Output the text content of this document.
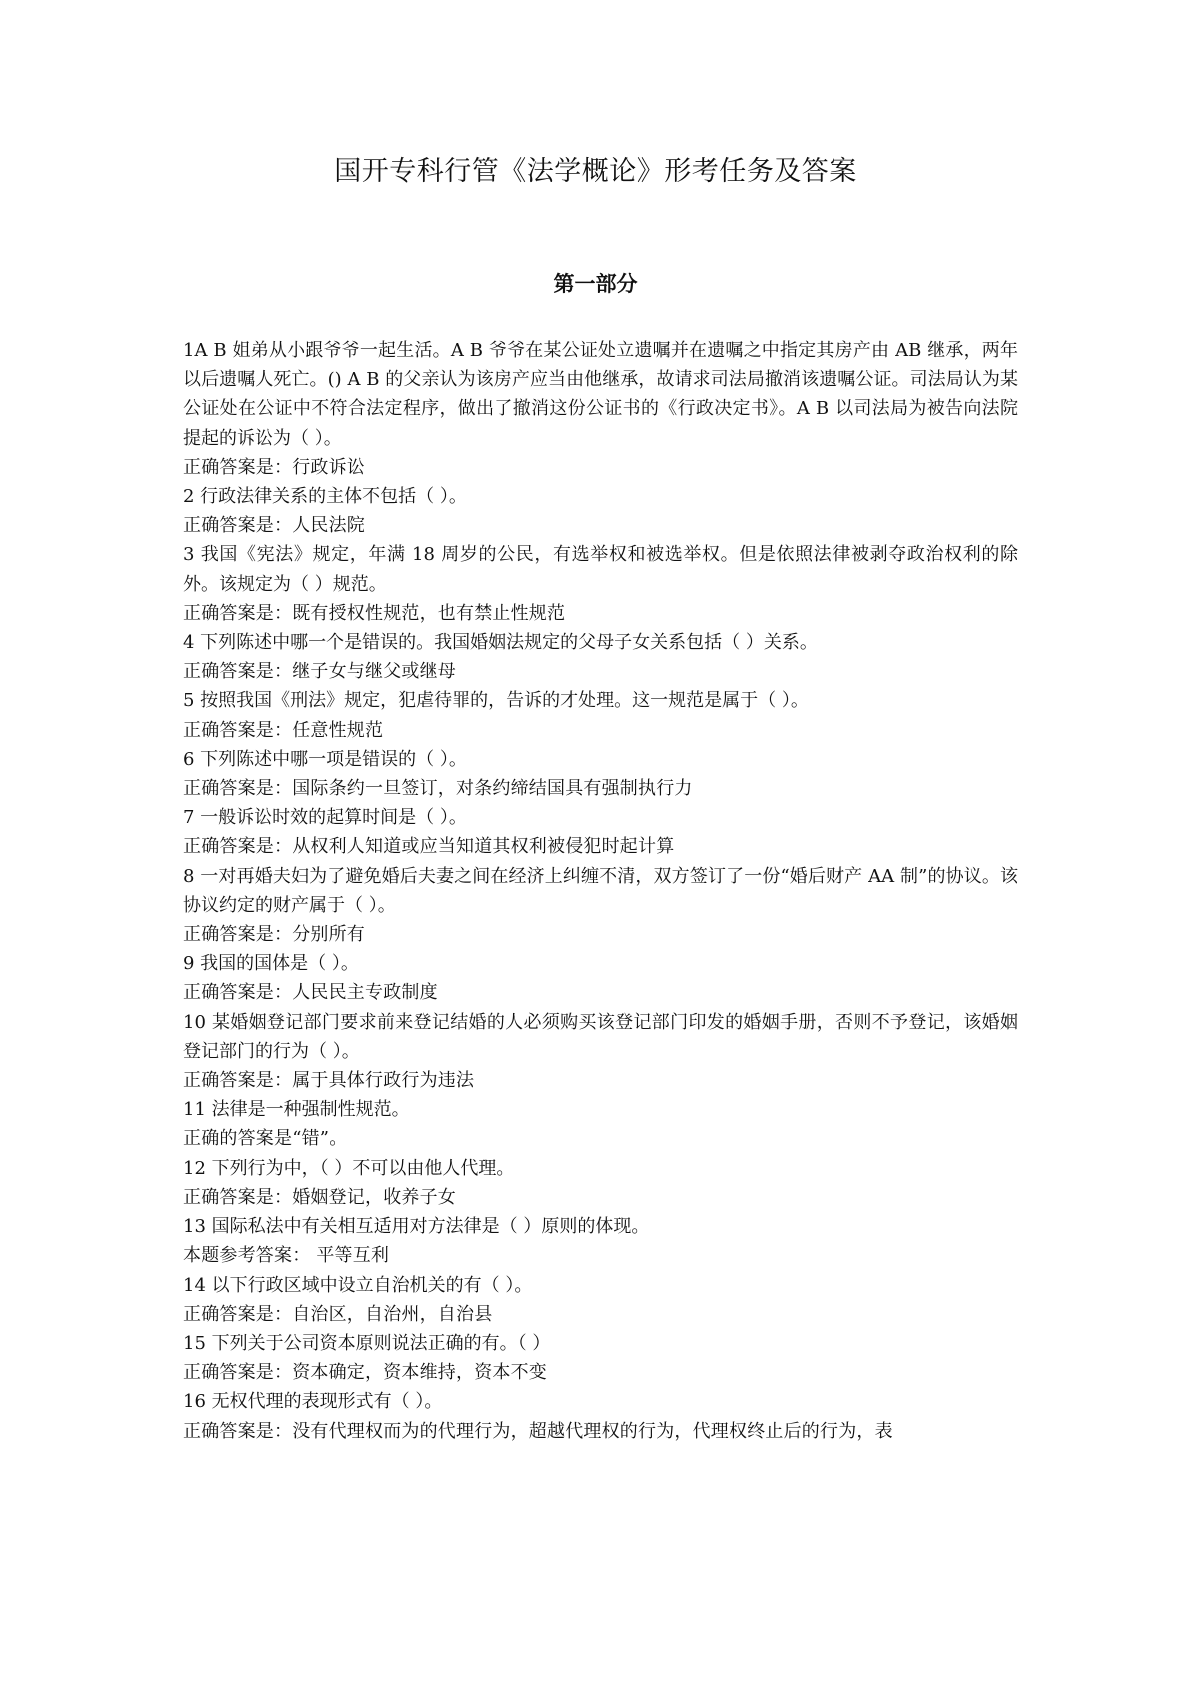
国开专科行管《法学概论》形考任务及答案
第一部分

1A B 姐弟从小跟爷爷一起生活。A B 爷爷在某公证处立遗嘱并在遗嘱之中指定其房产由 AB 继承，两年以后遗嘱人死亡。() A B 的父亲认为该房产应当由他继承，故请求司法局撤消该遗嘱公证。司法局认为某公证处在公证中不符合法定程序，做出了撤消这份公证书的《行政决定书》。A B 以司法局为被告向法院提起的诉讼为（ ）。

正确答案是：行政诉讼

2 行政法律关系的主体不包括（ ）。

正确答案是：人民法院

3 我国《宪法》规定，年满 18 周岁的公民，有选举权和被选举权。但是依照法律被剥夺政治权利的除外。该规定为（ ）规范。

正确答案是：既有授权性规范，也有禁止性规范

4 下列陈述中哪一个是错误的。我国婚姻法规定的父母子女关系包括（ ）关系。

正确答案是：继子女与继父或继母

5 按照我国《刑法》规定，犯虐待罪的，告诉的才处理。这一规范是属于（ ）。

正确答案是：任意性规范

6 下列陈述中哪一项是错误的（ ）。

正确答案是：国际条约一旦签订，对条约缔结国具有强制执行力

7 一般诉讼时效的起算时间是（ ）。

正确答案是：从权利人知道或应当知道其权利被侵犯时起计算

8 一对再婚夫妇为了避免婚后夫妻之间在经济上纠缠不清，双方签订了一份“婚后财产 AA 制”的协议。该协议约定的财产属于（ ）。

正确答案是：分别所有

9 我国的国体是（ ）。

正确答案是：人民民主专政制度

10 某婚姻登记部门要求前来登记结婚的人必须购买该登记部门印发的婚姻手册，否则不予登记，该婚姻登记部门的行为（ ）。

正确答案是：属于具体行政行为违法

11 法律是一种强制性规范。

正确的答案是“错”。

12 下列行为中，（ ）不可以由他人代理。

正确答案是：婚姻登记，收养子女

13 国际私法中有关相互适用对方法律是（ ）原则的体现。

本题参考答案： 平等互利

14 以下行政区域中设立自治机关的有（ ）。

正确答案是：自治区，自治州，自治县

15 下列关于公司资本原则说法正确的有。（ ）

正确答案是：资本确定，资本维持，资本不变

16 无权代理的表现形式有（ ）。

正确答案是：没有代理权而为的代理行为，超越代理权的行为，代理权终止后的行为，表
